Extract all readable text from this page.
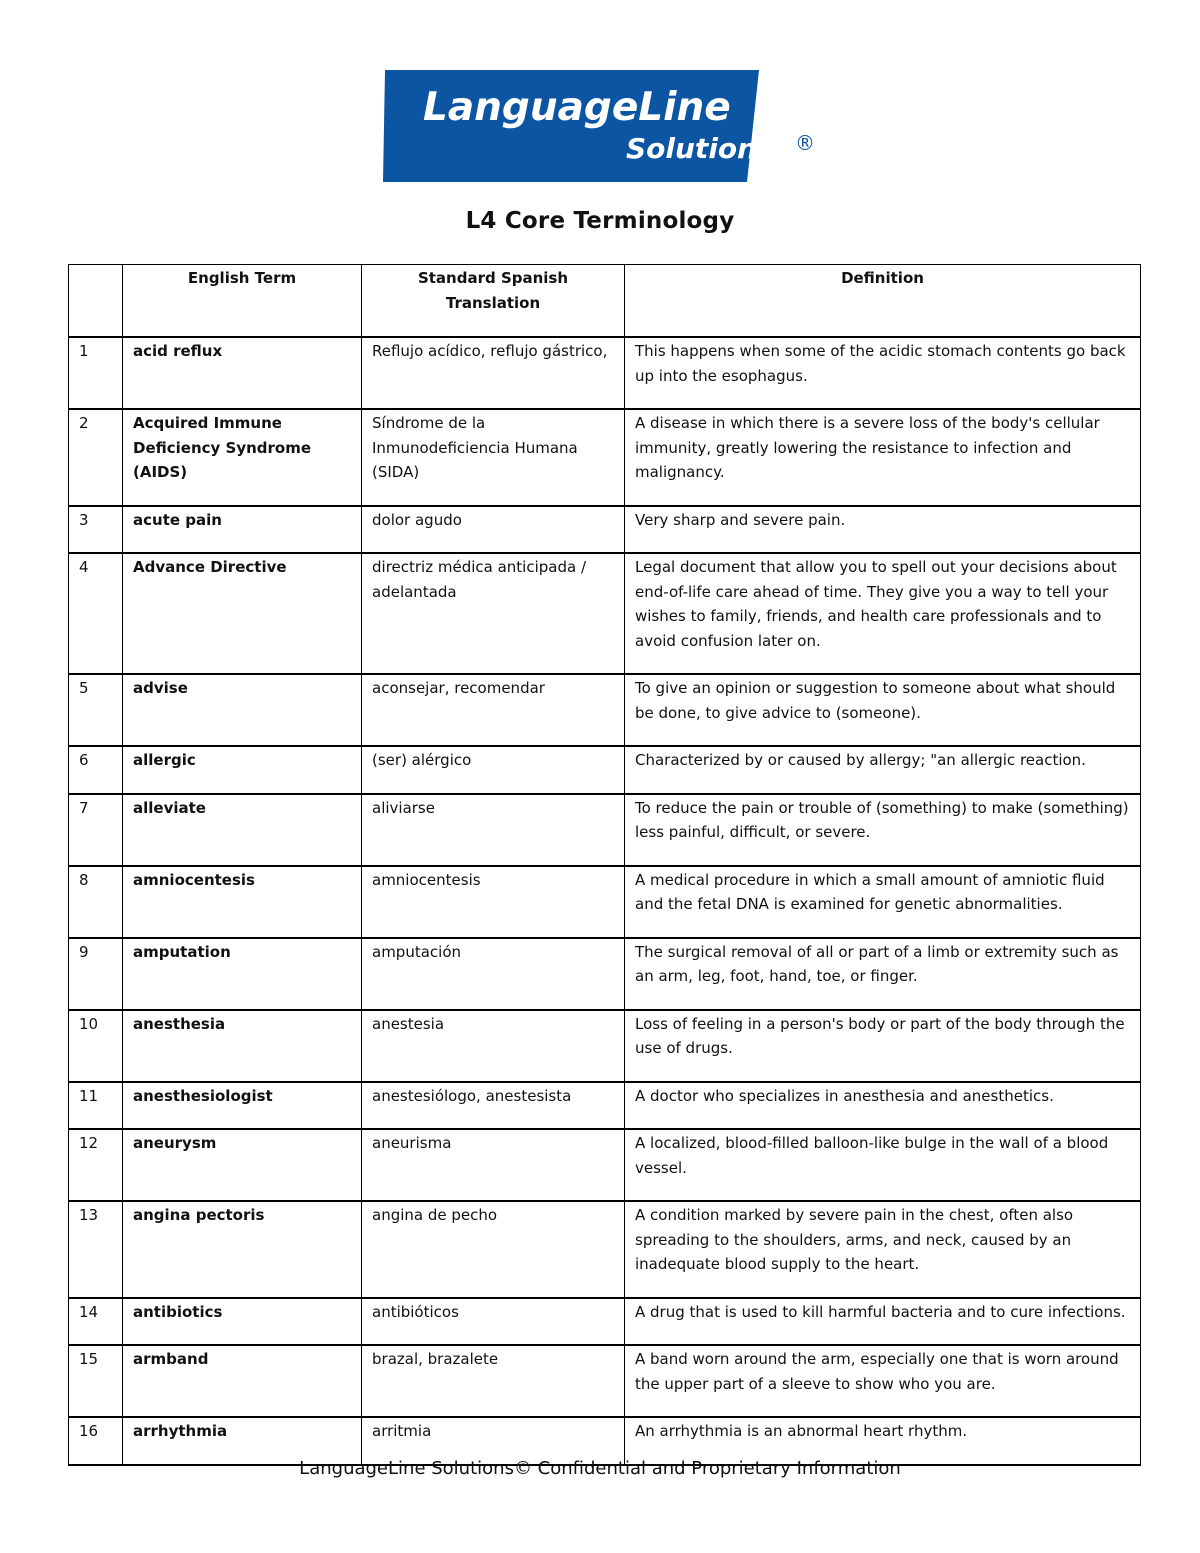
LanguageLine
Solutions ®
L4 Core Terminology
	English Term	Standard Spanish Translation	Definition
1	acid reflux	Reflujo acídico, reflujo gástrico,	This happens when some of the acidic stomach contents go back up into the esophagus.
2	Acquired Immune Deficiency Syndrome (AIDS)	Síndrome de la Inmunodeficiencia Humana (SIDA)	A disease in which there is a severe loss of the body's cellular immunity, greatly lowering the resistance to infection and malignancy.
3	acute pain	dolor agudo	Very sharp and severe pain.
4	Advance Directive	directriz médica anticipada / adelantada	Legal document that allow you to spell out your decisions about end-of-life care ahead of time. They give you a way to tell your wishes to family, friends, and health care professionals and to avoid confusion later on.
5	advise	aconsejar, recomendar	To give an opinion or suggestion to someone about what should be done, to give advice to (someone).
6	allergic	(ser) alérgico	Characterized by or caused by allergy; "an allergic reaction.
7	alleviate	aliviarse	To reduce the pain or trouble of (something) to make (something) less painful, difficult, or severe.
8	amniocentesis	amniocentesis	A medical procedure in which a small amount of amniotic fluid and the fetal DNA is examined for genetic abnormalities.
9	amputation	amputación	The surgical removal of all or part of a limb or extremity such as an arm, leg, foot, hand, toe, or finger.
10	anesthesia	anestesia	Loss of feeling in a person's body or part of the body through the use of drugs.
11	anesthesiologist	anestesiólogo, anestesista	A doctor who specializes in anesthesia and anesthetics.
12	aneurysm	aneurisma	A localized, blood-filled balloon-like bulge in the wall of a blood vessel.
13	angina pectoris	angina de pecho	A condition marked by severe pain in the chest, often also spreading to the shoulders, arms, and neck, caused by an inadequate blood supply to the heart.
14	antibiotics	antibióticos	A drug that is used to kill harmful bacteria and to cure infections.
15	armband	brazal, brazalete	A band worn around the arm, especially one that is worn around the upper part of a sleeve to show who you are.
16	arrhythmia	arritmia	An arrhythmia is an abnormal heart rhythm.
LanguageLine Solutions© Confidential and Proprietary Information
